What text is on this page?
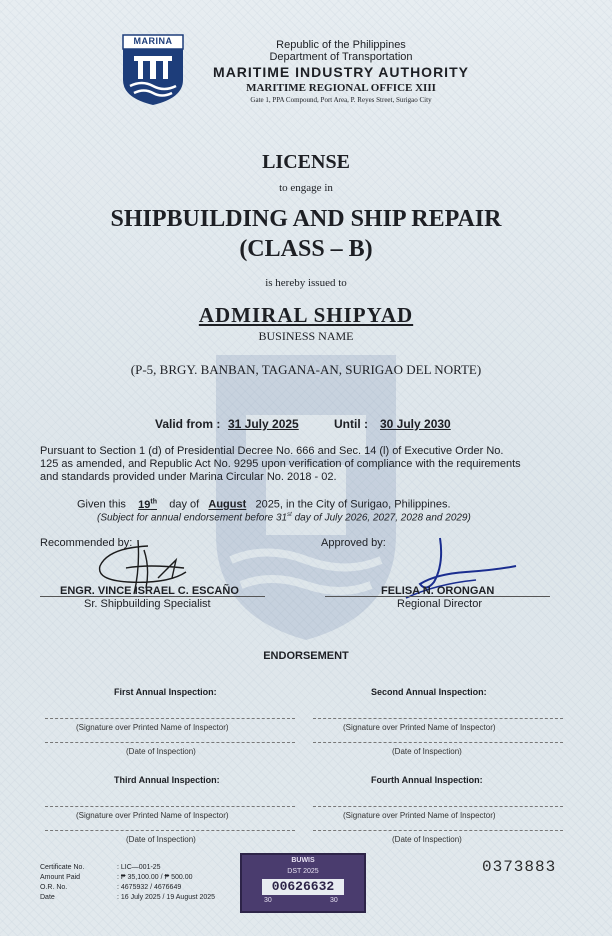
MARINA	Republic of the Philippines
Department of Transportation
MARITIME INDUSTRY AUTHORITY
MARITIME REGIONAL OFFICE XIII
Gate 1, PPA Compound, Port Area, P. Reyes Street, Surigao City
LICENSE
to engage in
SHIPBUILDING AND SHIP REPAIR
(CLASS – B)
is hereby issued to
ADMIRAL SHIPYAD
BUSINESS NAME
(P-5, BRGY. BANBAN, TAGANA-AN, SURIGAO DEL NORTE)
Valid from : 31 July 2025	Until : 30 July 2030
Pursuant to Section 1 (d) of Presidential Decree No. 666 and Sec. 14 (l) of Executive Order No.
125 as amended, and Republic Act No. 9295 upon verification of compliance with the requirements
and standards provided under Marina Circular No. 2018 - 02.
Given this 19th day of August 2025, in the City of Surigao, Philippines.
(Subject for annual endorsement before 31st day of July 2026, 2027, 2028 and 2029)
Recommended by:	Approved by:
ENGR. VINCE ISRAEL C. ESCAÑO
Sr. Shipbuilding Specialist
FELISA N. ORONGAN
Regional Director
ENDORSEMENT
First Annual Inspection:	Second Annual Inspection:
(Signature over Printed Name of Inspector)	(Signature over Printed Name of Inspector)
(Date of Inspection)	(Date of Inspection)
Third Annual Inspection:	Fourth Annual Inspection:
(Signature over Printed Name of Inspector)	(Signature over Printed Name of Inspector)
(Date of Inspection)	(Date of Inspection)
Certificate No.	: LIC—001-25
Amount Paid	: ₱ 35,100.00 / ₱ 500.00
O.R. No.	: 4675932 / 4676649
Date	: 16 July 2025 / 19 August 2025
BUWIS
DST 2025
00626632
30	30
0373883
